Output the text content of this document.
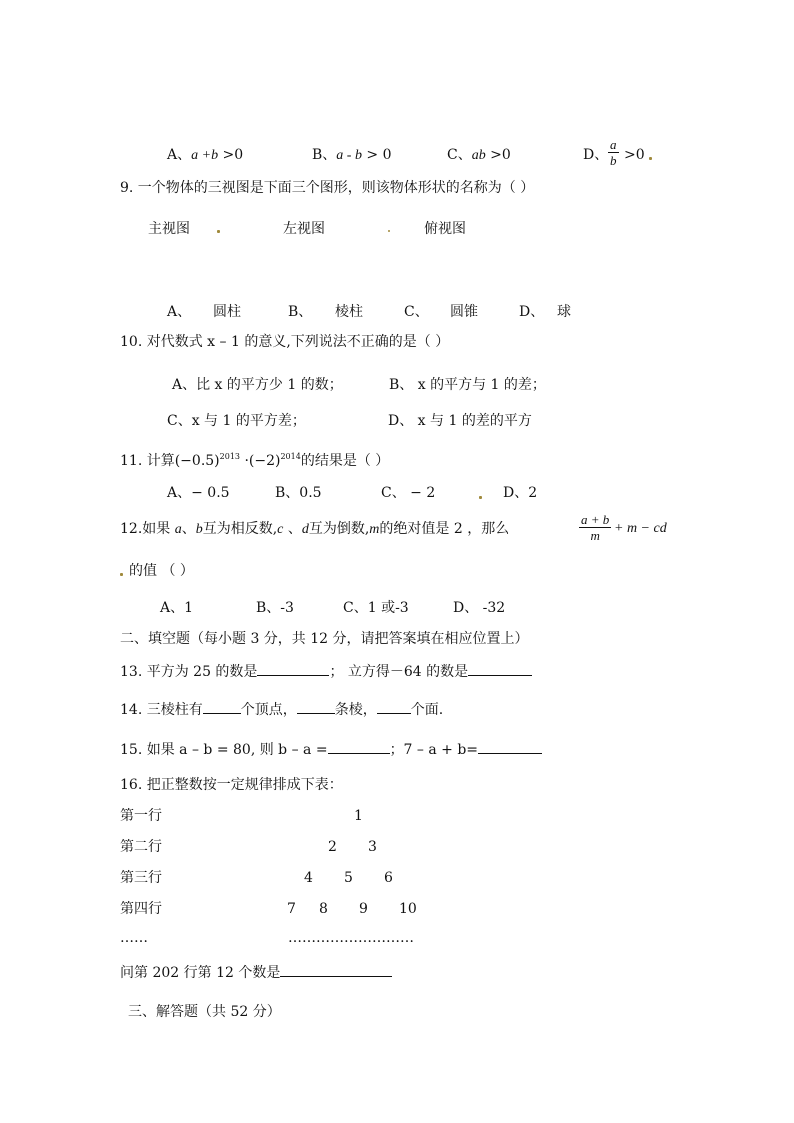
A、a +b >0	B、a - b > 0	C、ab >0	D、 $\frac{a}{b} >0$
9. 一个物体的三视图是下面三个图形，则该物体形状的名称为（ ）
主视图	左视图	俯视图
A、 圆柱	B、 棱柱	C、 圆锥	D、 球
10. 对代数式 x – 1 的意义,下列说法不正确的是（ ）
A、比 x 的平方少 1 的数；	B、 x 的平方与 1 的差；
C、x 与 1 的平方差；	D、 x 与 1 的差的平方
11. 计算$(-0.5)^{2013} \cdot(-2)^{2014}$的结果是（ ）
A、− 0.5	B、0.5	C、 − 2	D、2
12.如果 a、b互为相反数,c 、d互为倒数,m的绝对值是 2 ，那么	$\frac{a + b}{m} + m$ − cd
的值 （ ）
A、1	B、-3	C、1 或-3	D、 -32
二、填空题（每小题 3 分，共 12 分，请把答案填在相应位置上）
13. 平方为 25 的数是	； 立方得－64 的数是
14. 三棱柱有	个顶点，	条棱， 个面.
15. 如果 a – b = 80, 则 b – a =	；7 – a + b=
16. 把正整数按一定规律排成下表：
第一行	1
第二行	2 3
第三行	4 5 6
第四行	7 8 9 10
……	………………………
问第 202 行第 12 个数是
三、解答题（共 52 分）
